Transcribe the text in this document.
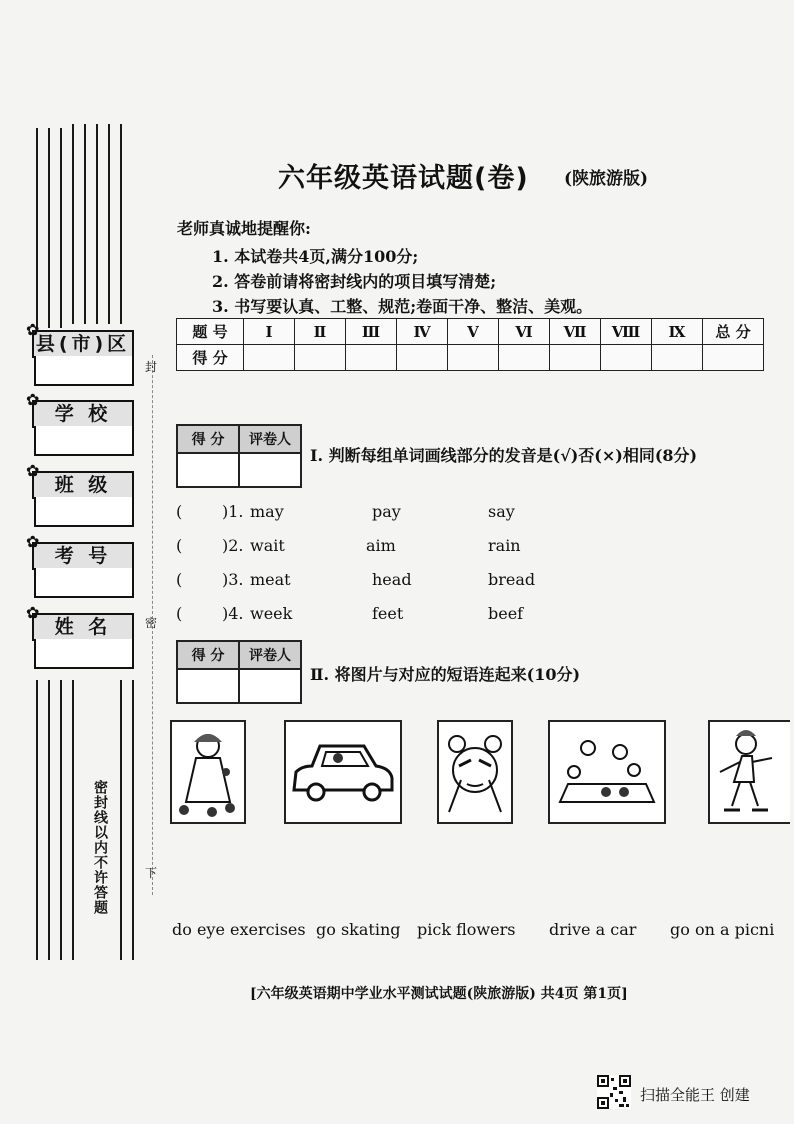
✿ 县(市)区
✿ 学 校
✿ 班 级
✿ 考 号
✿ 姓 名
密封线以内不许答题
封
密
下
六年级英语试题(卷) (陕旅游版)
老师真诚地提醒你:
1. 本试卷共4页,满分100分;
2. 答卷前请将密封线内的项目填写清楚;
3. 书写要认真、工整、规范;卷面干净、整洁、美观。
题 号	Ⅰ	Ⅱ	Ⅲ	Ⅳ	Ⅴ	Ⅵ	Ⅶ	Ⅷ	Ⅸ	总 分
得 分										
得 分	评卷人

I. 判断每组单词画线部分的发音是(√)否(×)相同(8分)
( )1. may	pay	say
( )2. wait	aim	rain
( )3. meat	head	bread
( )4. week	feet	beef
得 分	评卷人

Ⅱ. 将图片与对应的短语连起来(10分)
do eye exercises go skating pick flowers drive a car go on a picni
[六年级英语期中学业水平测试试题(陕旅游版) 共4页 第1页]
扫描全能王 创建
